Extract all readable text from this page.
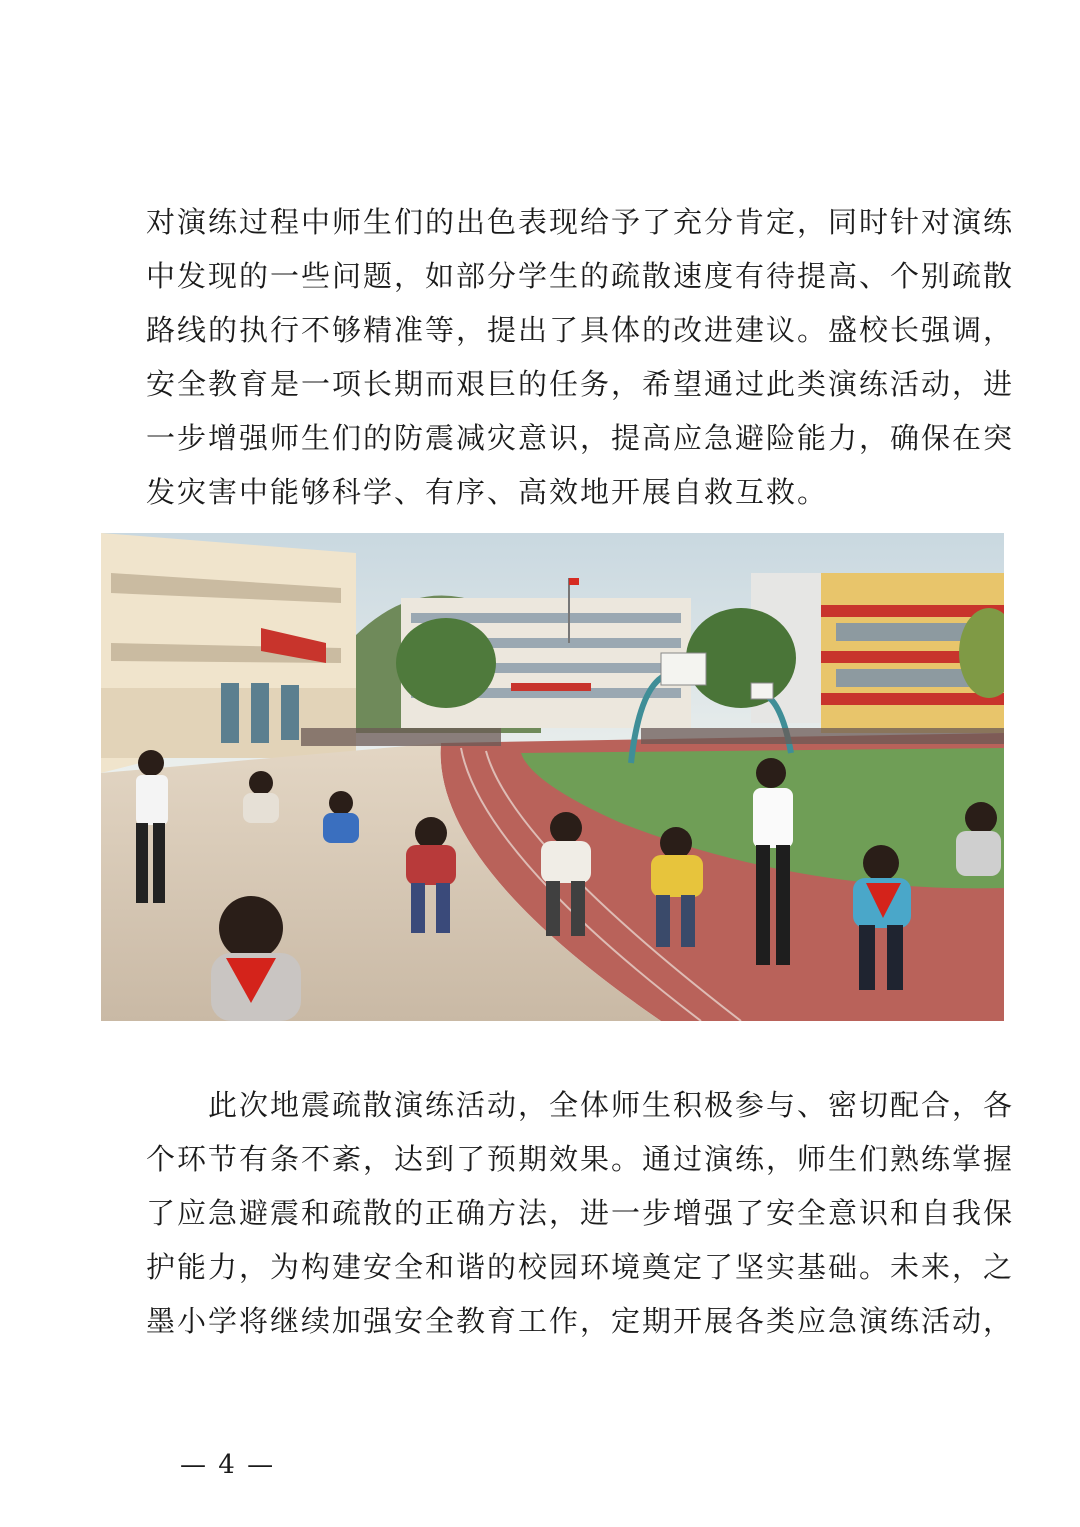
对演练过程中师生们的出色表现给予了充分肯定，同时针对演练
中发现的一些问题，如部分学生的疏散速度有待提高、个别疏散
路线的执行不够精准等，提出了具体的改进建议。盛校长强调，
安全教育是一项长期而艰巨的任务，希望通过此类演练活动，进
一步增强师生们的防震减灾意识，提高应急避险能力，确保在突
发灾害中能够科学、有序、高效地开展自救互救。
　　此次地震疏散演练活动，全体师生积极参与、密切配合，各
个环节有条不紊，达到了预期效果。通过演练，师生们熟练掌握
了应急避震和疏散的正确方法，进一步增强了安全意识和自我保
护能力，为构建安全和谐的校园环境奠定了坚实基础。未来，之
墨小学将继续加强安全教育工作，定期开展各类应急演练活动，
— 4 —
